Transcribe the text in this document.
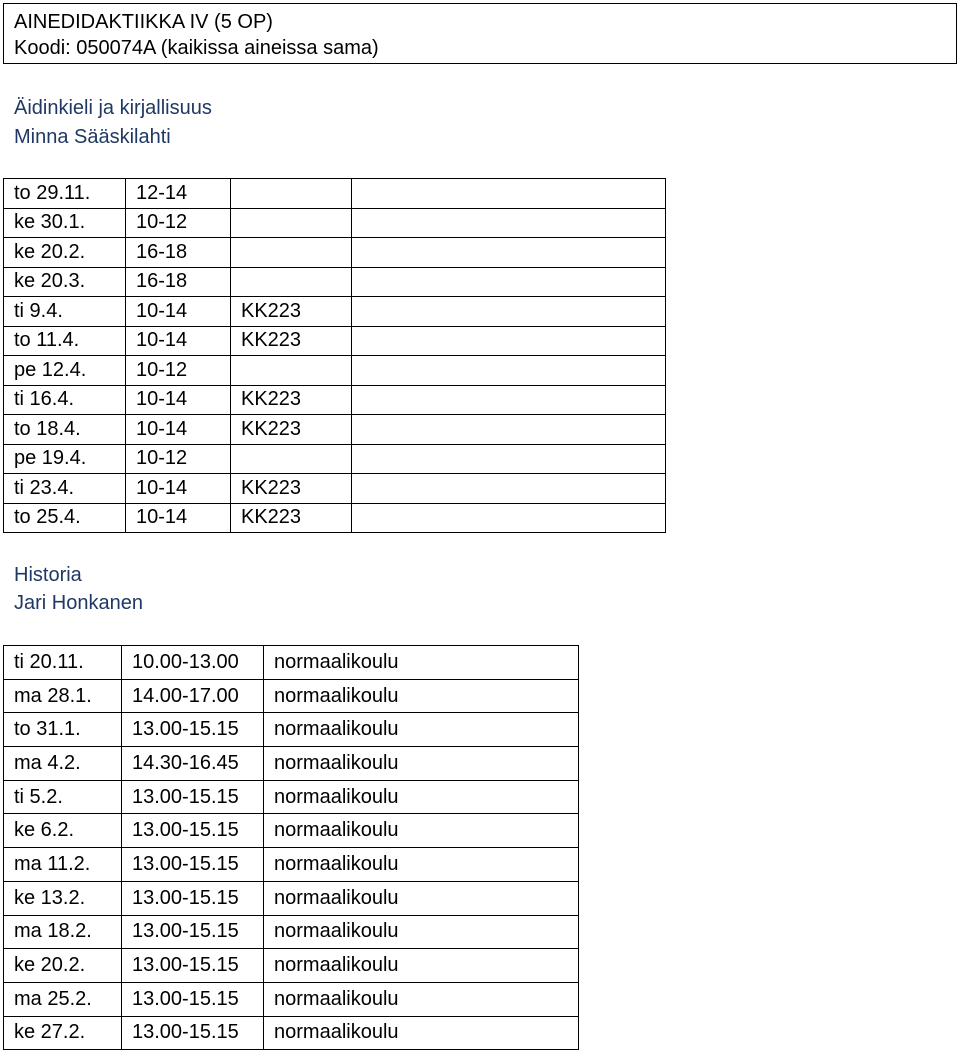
AINEDIDAKTIIKKA IV (5 OP)
Koodi: 050074A (kaikissa aineissa sama)
Äidinkieli ja kirjallisuus
Minna Sääskilahti
to 29.11.	12-14		
ke 30.1.	10-12		
ke 20.2.	16-18		
ke 20.3.	16-18		
ti 9.4.	10-14	KK223	
to 11.4.	10-14	KK223	
pe 12.4.	10-12		
ti 16.4.	10-14	KK223	
to 18.4.	10-14	KK223	
pe 19.4.	10-12		
ti 23.4.	10-14	KK223	
to 25.4.	10-14	KK223	
Historia
Jari Honkanen
ti 20.11.	10.00-13.00	normaalikoulu
ma 28.1.	14.00-17.00	normaalikoulu
to 31.1.	13.00-15.15	normaalikoulu
ma 4.2.	14.30-16.45	normaalikoulu
ti 5.2.	13.00-15.15	normaalikoulu
ke 6.2.	13.00-15.15	normaalikoulu
ma 11.2.	13.00-15.15	normaalikoulu
ke 13.2.	13.00-15.15	normaalikoulu
ma 18.2.	13.00-15.15	normaalikoulu
ke 20.2.	13.00-15.15	normaalikoulu
ma 25.2.	13.00-15.15	normaalikoulu
ke 27.2.	13.00-15.15	normaalikoulu
